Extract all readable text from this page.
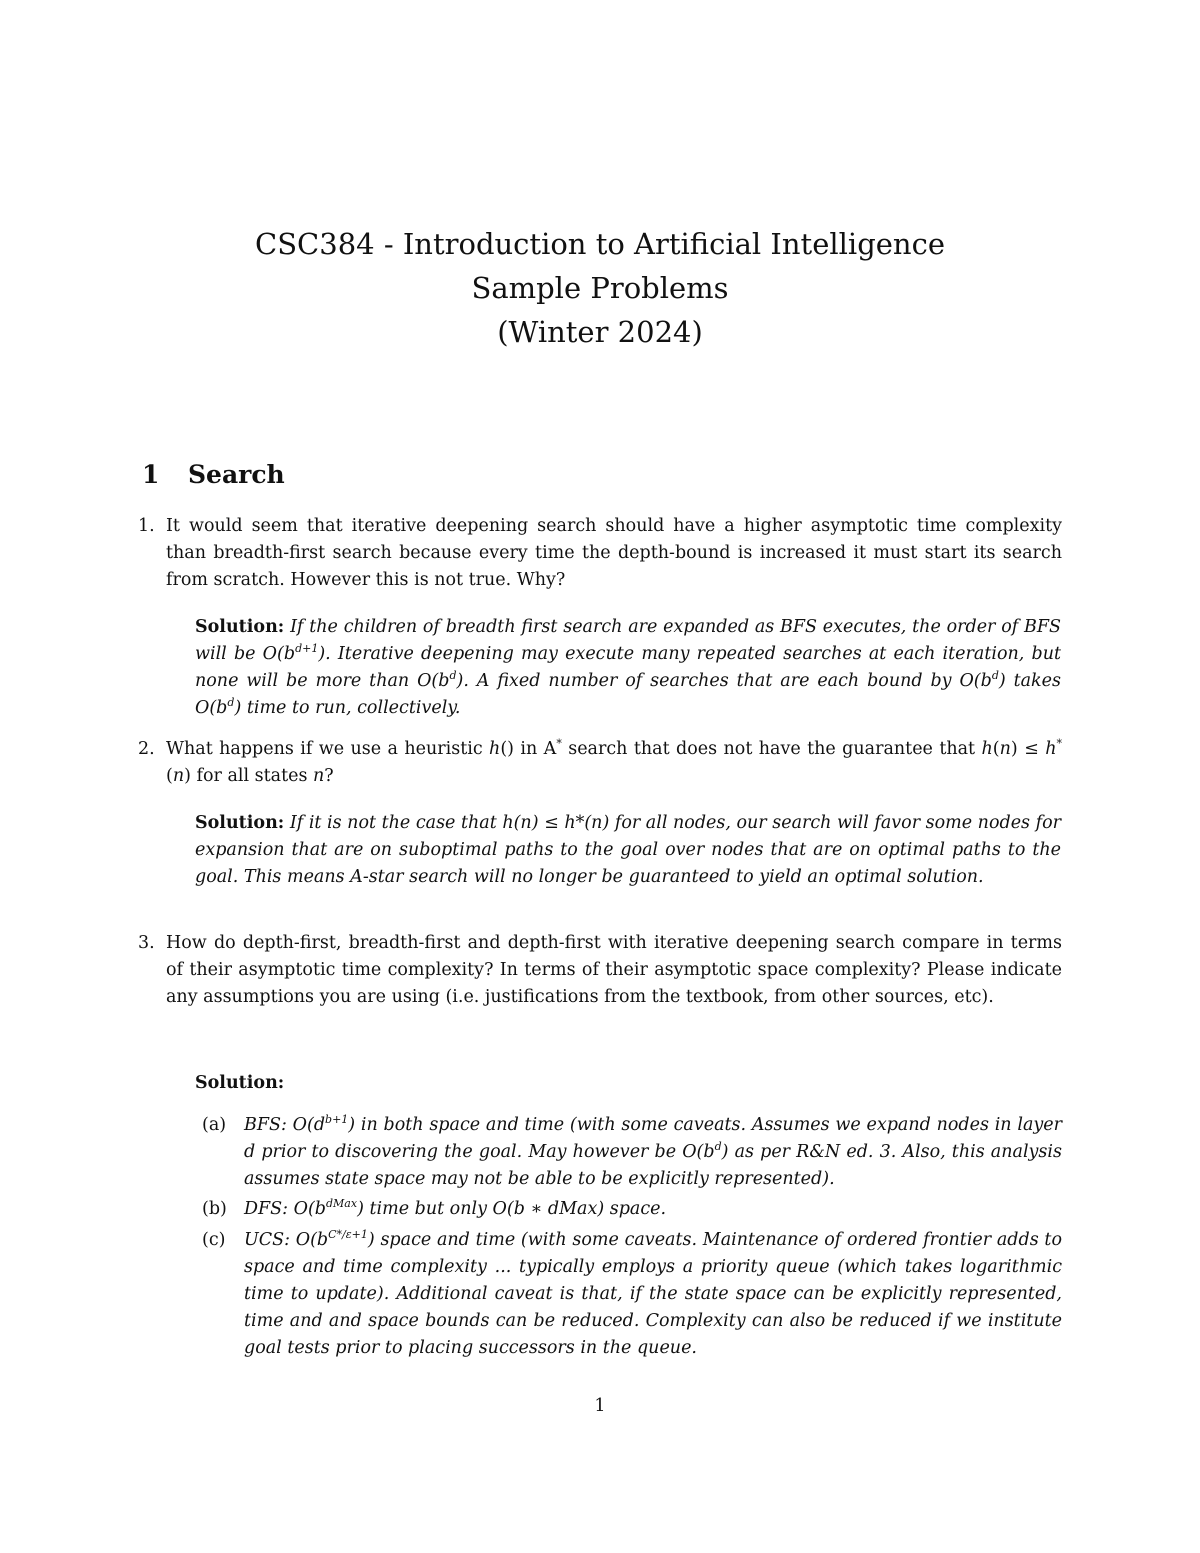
CSC384 - Introduction to Artificial Intelligence
Sample Problems
(Winter 2024)
1 Search
1. It would seem that iterative deepening search should have a higher asymptotic time complexity than breadth-first search because every time the depth-bound is increased it must start its search from scratch. However this is not true. Why?
Solution: If the children of breadth first search are expanded as BFS executes, the order of BFS will be $O(b^{d+1})$. Iterative deepening may execute many repeated searches at each iteration, but none will be more than $O(b^d)$. A fixed number of searches that are each bound by $O(b^d)$ takes $O(b^d)$ time to run, collectively.
2. What happens if we use a heuristic h() in A* search that does not have the guarantee that h(n) ≤ h*(n) for all states n?
Solution: If it is not the case that h(n) ≤ h*(n) for all nodes, our search will favor some nodes for expansion that are on suboptimal paths to the goal over nodes that are on optimal paths to the goal. This means A-star search will no longer be guaranteed to yield an optimal solution.
3. How do depth-first, breadth-first and depth-first with iterative deepening search compare in terms of their asymptotic time complexity? In terms of their asymptotic space complexity? Please indicate any assumptions you are using (i.e. justifications from the textbook, from other sources, etc).
Solution:
(a) BFS: $O(d^{b+1})$ in both space and time (with some caveats. Assumes we expand nodes in layer d prior to discovering the goal. May however be $O(b^d)$ as per R&N ed. 3. Also, this analysis assumes state space may not be able to be explicitly represented).
(b) DFS: $O(b^{dMax})$ time but only O(b ∗ dMax) space.
(c) UCS: $O(b^{C*/\varepsilon+1})$ space and time (with some caveats. Maintenance of ordered frontier adds to space and time complexity ... typically employs a priority queue (which takes logarithmic time to update). Additional caveat is that, if the state space can be explicitly represented, time and and space bounds can be reduced. Complexity can also be reduced if we institute goal tests prior to placing successors in the queue.
1
